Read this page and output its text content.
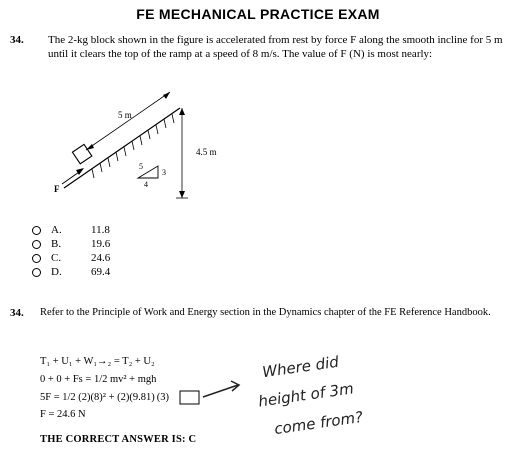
FE MECHANICAL PRACTICE EXAM
34. The 2-kg block shown in the figure is accelerated from rest by force F along the smooth incline for 5 m until it clears the top of the ramp at a speed of 8 m/s. The value of F (N) is most nearly:
5 m
4.5 m
F
5
3
4
A.	11.8
B.	19.6
C.	24.6
D.	69.4
34. Refer to the Principle of Work and Energy section in the Dynamics chapter of the FE Reference Handbook.
T₁ + U₁ + W₁→₂ = T₂ + U₂
0 + 0 + Fs = 1/2 mv² + mgh
5F = 1/2 (2)(8)² + (2)(9.81) (3)
F = 24.6 N
THE CORRECT ANSWER IS: C
Where did
height of 3m
come from?
